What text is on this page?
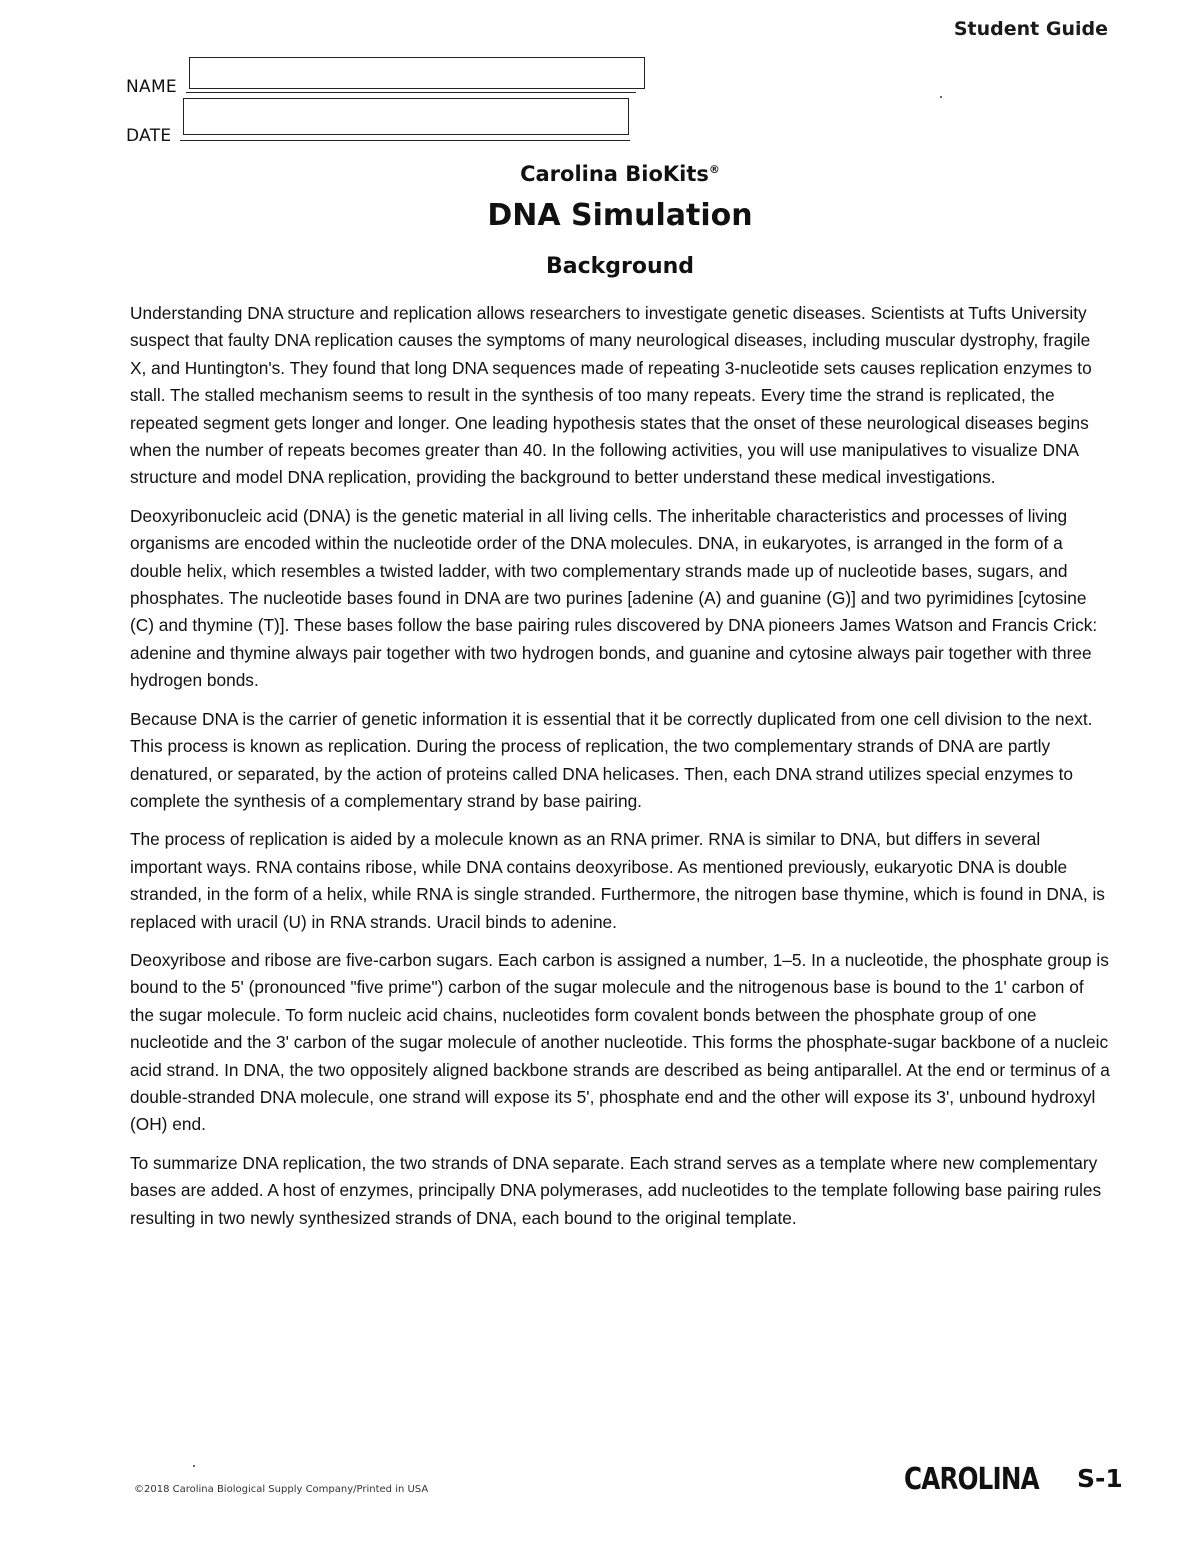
Student Guide
NAME
DATE
Carolina BioKits®
DNA Simulation
Background

Understanding DNA structure and replication allows researchers to investigate genetic diseases. Scientists at Tufts University suspect that faulty DNA replication causes the symptoms of many neurological diseases, including muscular dystrophy, fragile X, and Huntington's. They found that long DNA sequences made of repeating 3-nucleotide sets causes replication enzymes to stall. The stalled mechanism seems to result in the synthesis of too many repeats. Every time the strand is replicated, the repeated segment gets longer and longer. One leading hypothesis states that the onset of these neurological diseases begins when the number of repeats becomes greater than 40. In the following activities, you will use manipulatives to visualize DNA structure and model DNA replication, providing the background to better understand these medical investigations.

Deoxyribonucleic acid (DNA) is the genetic material in all living cells. The inheritable characteristics and processes of living organisms are encoded within the nucleotide order of the DNA molecules. DNA, in eukaryotes, is arranged in the form of a double helix, which resembles a twisted ladder, with two complementary strands made up of nucleotide bases, sugars, and phosphates. The nucleotide bases found in DNA are two purines [adenine (A) and guanine (G)] and two pyrimidines [cytosine (C) and thymine (T)]. These bases follow the base pairing rules discovered by DNA pioneers James Watson and Francis Crick: adenine and thymine always pair together with two hydrogen bonds, and guanine and cytosine always pair together with three hydrogen bonds.

Because DNA is the carrier of genetic information it is essential that it be correctly duplicated from one cell division to the next. This process is known as replication. During the process of replication, the two complementary strands of DNA are partly denatured, or separated, by the action of proteins called DNA helicases. Then, each DNA strand utilizes special enzymes to complete the synthesis of a complementary strand by base pairing.

The process of replication is aided by a molecule known as an RNA primer. RNA is similar to DNA, but differs in several important ways. RNA contains ribose, while DNA contains deoxyribose. As mentioned previously, eukaryotic DNA is double stranded, in the form of a helix, while RNA is single stranded. Furthermore, the nitrogen base thymine, which is found in DNA, is replaced with uracil (U) in RNA strands. Uracil binds to adenine.

Deoxyribose and ribose are five-carbon sugars. Each carbon is assigned a number, 1–5. In a nucleotide, the phosphate group is bound to the 5' (pronounced "five prime") carbon of the sugar molecule and the nitrogenous base is bound to the 1' carbon of the sugar molecule. To form nucleic acid chains, nucleotides form covalent bonds between the phosphate group of one nucleotide and the 3' carbon of the sugar molecule of another nucleotide. This forms the phosphate-sugar backbone of a nucleic acid strand. In DNA, the two oppositely aligned backbone strands are described as being antiparallel. At the end or terminus of a double-stranded DNA molecule, one strand will expose its 5', phosphate end and the other will expose its 3', unbound hydroxyl (OH) end.

To summarize DNA replication, the two strands of DNA separate. Each strand serves as a template where new complementary bases are added. A host of enzymes, principally DNA polymerases, add nucleotides to the template following base pairing rules resulting in two newly synthesized strands of DNA, each bound to the original template.

©2018 Carolina Biological Supply Company/Printed in USA	CAROLINA S-1
